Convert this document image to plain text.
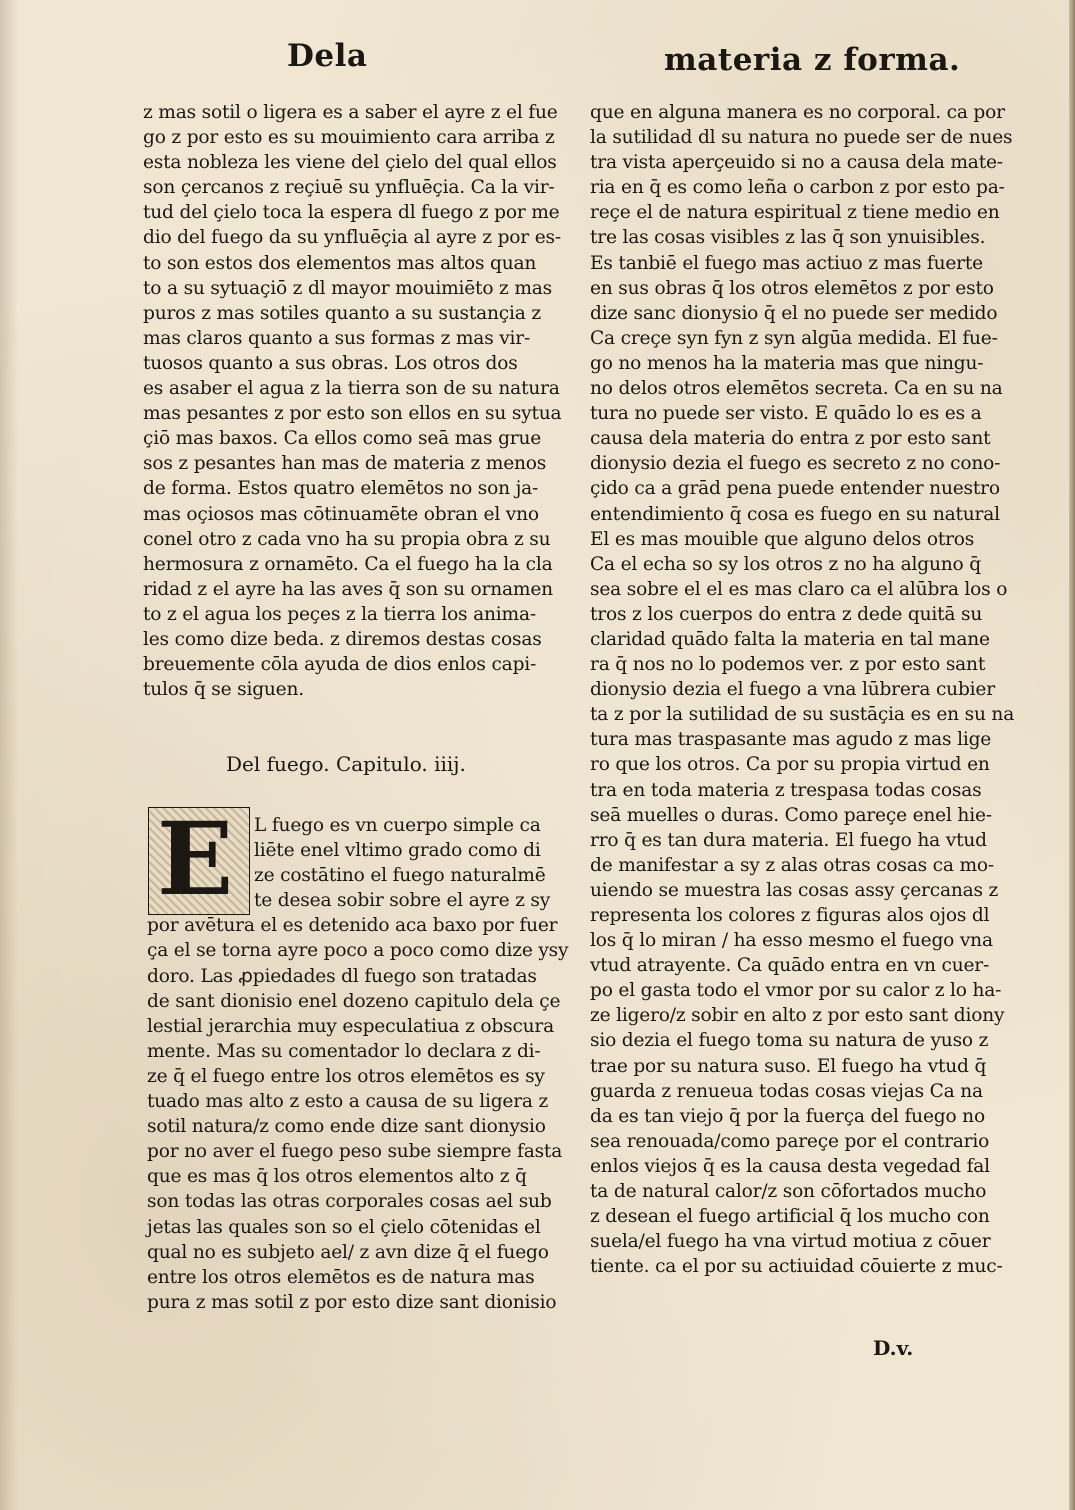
Dela	materia z forma.
z mas sotil o ligera es a saber el ayre z el fue
go z por esto es su mouimiento cara arriba z
esta nobleza les viene del çielo del qual ellos
son çercanos z reçiuē su ynfluēçia. Ca la vir-
tud del çielo toca la espera dl fuego z por me
dio del fuego da su ynfluēçia al ayre z por es-
to son estos dos elementos mas altos quan
to a su sytuaçiō z dl mayor mouimiēto z mas
puros z mas sotiles quanto a su sustançia z
mas claros quanto a sus formas z mas vir-
tuosos quanto a sus obras. Los otros dos
es asaber el agua z la tierra son de su natura
mas pesantes z por esto son ellos en su sytua
çiō mas baxos. Ca ellos como seā mas grue
sos z pesantes han mas de materia z menos
de forma. Estos quatro elemētos no son ja-
mas oçiosos mas cōtinuamēte obran el vno
conel otro z cada vno ha su propia obra z su
hermosura z ornamēto. Ca el fuego ha la cla
ridad z el ayre ha las aves q̄ son su ornamen
to z el agua los peçes z la tierra los anima-
les como dize beda. z diremos destas cosas
breuemente cōla ayuda de dios enlos capi-
tulos q̄ se siguen.
Del fuego. Capitulo. iiij.
E	L fuego es vn cuerpo simple ca
liēte enel vltimo grado como di
ze costātino el fuego naturalmē
te desea sobir sobre el ayre z sy
por avētura el es detenido aca baxo por fuer
ça el se torna ayre poco a poco como dize ysy
doro. Las ꝓpiedades dl fuego son tratadas
de sant dionisio enel dozeno capitulo dela çe
lestial jerarchia muy especulatiua z obscura
mente. Mas su comentador lo declara z di-
ze q̄ el fuego entre los otros elemētos es sy
tuado mas alto z esto a causa de su ligera z
sotil natura/z como ende dize sant dionysio
por no aver el fuego peso sube siempre fasta
que es mas q̄ los otros elementos alto z q̄
son todas las otras corporales cosas ael sub
jetas las quales son so el çielo cōtenidas el
qual no es subjeto ael/ z avn dize q̄ el fuego
entre los otros elemētos es de natura mas
pura z mas sotil z por esto dize sant dionisio
que en alguna manera es no corporal. ca por
la sutilidad dl su natura no puede ser de nues
tra vista aperçeuido si no a causa dela mate-
ria en q̄ es como leña o carbon z por esto pa-
reçe el de natura espiritual z tiene medio en
tre las cosas visibles z las q̄ son ynuisibles.
Es tanbiē el fuego mas actiuo z mas fuerte
en sus obras q̄ los otros elemētos z por esto
dize sanc dionysio q̄ el no puede ser medido
Ca creçe syn fyn z syn algūa medida. El fue-
go no menos ha la materia mas que ningu-
no delos otros elemētos secreta. Ca en su na
tura no puede ser visto. E quādo lo es es a
causa dela materia do entra z por esto sant
dionysio dezia el fuego es secreto z no cono-
çido ca a grād pena puede entender nuestro
entendimiento q̄ cosa es fuego en su natural
El es mas mouible que alguno delos otros
Ca el echa so sy los otros z no ha alguno q̄
sea sobre el el es mas claro ca el alūbra los o
tros z los cuerpos do entra z dede quitā su
claridad quādo falta la materia en tal mane
ra q̄ nos no lo podemos ver. z por esto sant
dionysio dezia el fuego a vna lūbrera cubier
ta z por la sutilidad de su sustāçia es en su na
tura mas traspasante mas agudo z mas lige
ro que los otros. Ca por su propia virtud en
tra en toda materia z trespasa todas cosas
seā muelles o duras. Como pareçe enel hie-
rro q̄ es tan dura materia. El fuego ha vtud
de manifestar a sy z alas otras cosas ca mo-
uiendo se muestra las cosas assy çercanas z
representa los colores z figuras alos ojos dl
los q̄ lo miran / ha esso mesmo el fuego vna
vtud atrayente. Ca quādo entra en vn cuer-
po el gasta todo el vmor por su calor z lo ha-
ze ligero/z sobir en alto z por esto sant diony
sio dezia el fuego toma su natura de yuso z
trae por su natura suso. El fuego ha vtud q̄
guarda z renueua todas cosas viejas Ca na
da es tan viejo q̄ por la fuerça del fuego no
sea renouada/como pareçe por el contrario
enlos viejos q̄ es la causa desta vegedad fal
ta de natural calor/z son cōfortados mucho
z desean el fuego artificial q̄ los mucho con
suela/el fuego ha vna virtud motiua z cōuer
tiente. ca el por su actiuidad cōuierte z muc-
D.v.
